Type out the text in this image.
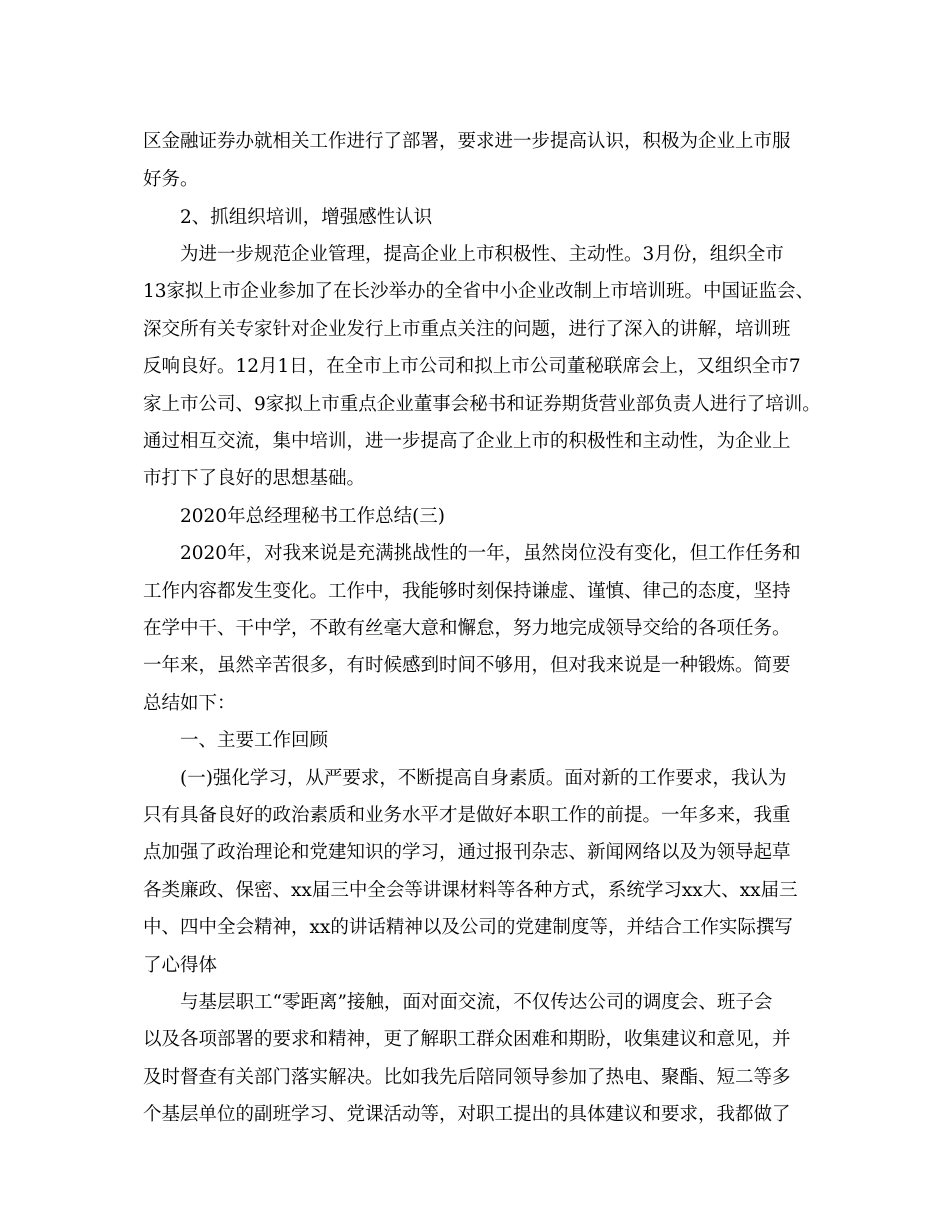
区金融证券办就相关工作进行了部署，要求进一步提高认识，积极为企业上市服
好务。
2、抓组织培训，增强感性认识
为进一步规范企业管理，提高企业上市积极性、主动性。3月份，组织全市
13家拟上市企业参加了在长沙举办的全省中小企业改制上市培训班。中国证监会、
深交所有关专家针对企业发行上市重点关注的问题，进行了深入的讲解，培训班
反响良好。12月1日，在全市上市公司和拟上市公司董秘联席会上，又组织全市7
家上市公司、9家拟上市重点企业董事会秘书和证券期货营业部负责人进行了培训。
通过相互交流，集中培训，进一步提高了企业上市的积极性和主动性，为企业上
市打下了良好的思想基础。
2020年总经理秘书工作总结(三)
2020年，对我来说是充满挑战性的一年，虽然岗位没有变化，但工作任务和
工作内容都发生变化。工作中，我能够时刻保持谦虚、谨慎、律己的态度，坚持
在学中干、干中学，不敢有丝毫大意和懈怠，努力地完成领导交给的各项任务。
一年来，虽然辛苦很多，有时候感到时间不够用，但对我来说是一种锻炼。简要
总结如下：
一、主要工作回顾
(一)强化学习，从严要求，不断提高自身素质。面对新的工作要求，我认为
只有具备良好的政治素质和业务水平才是做好本职工作的前提。一年多来，我重
点加强了政治理论和党建知识的学习，通过报刊杂志、新闻网络以及为领导起草
各类廉政、保密、xx届三中全会等讲课材料等各种方式，系统学习xx大、xx届三
中、四中全会精神，xx的讲话精神以及公司的党建制度等，并结合工作实际撰写
了心得体
与基层职工“零距离”接触，面对面交流，不仅传达公司的调度会、班子会
以及各项部署的要求和精神，更了解职工群众困难和期盼，收集建议和意见，并
及时督查有关部门落实解决。比如我先后陪同领导参加了热电、聚酯、短二等多
个基层单位的副班学习、党课活动等，对职工提出的具体建议和要求，我都做了
